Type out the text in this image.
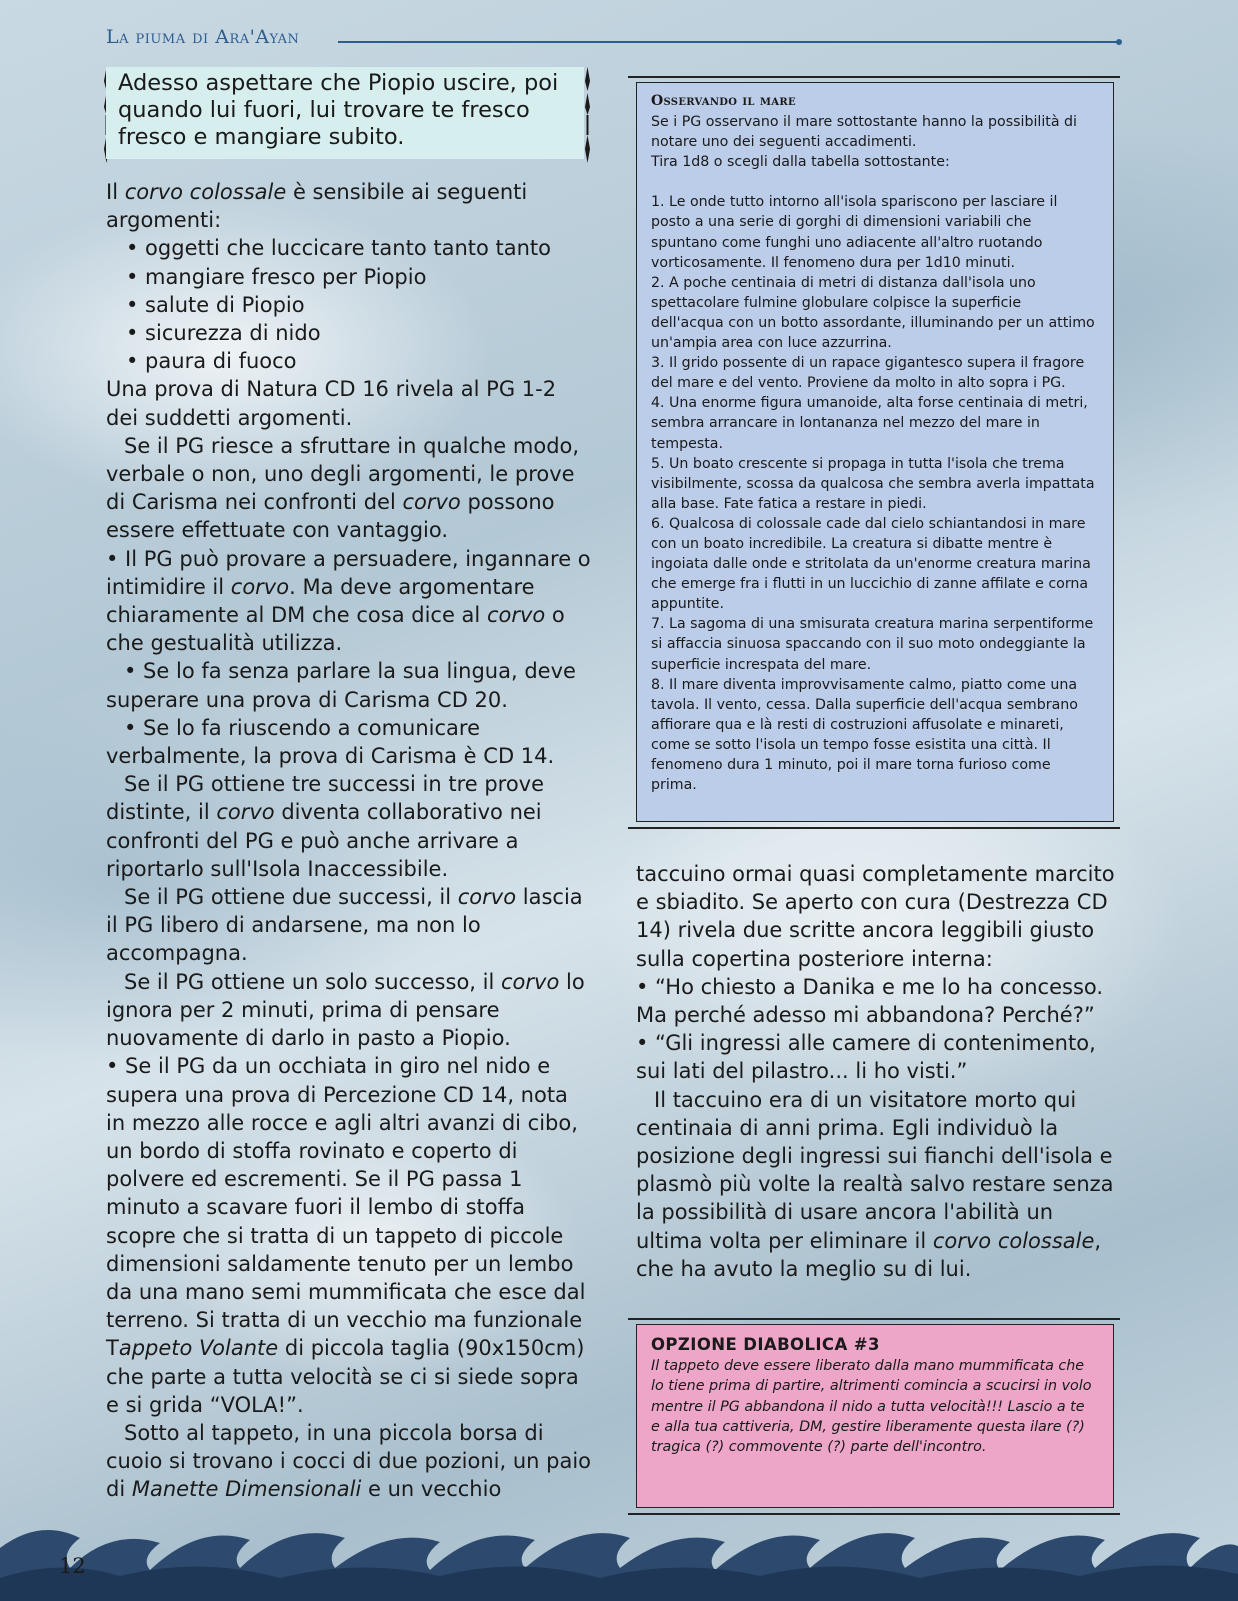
La piuma di Ara'Ayan
Adesso aspettare che Piopio uscire, poi quando lui fuori, lui trovare te fresco fresco e mangiare subito.

Il corvo colossale è sensibile ai seguenti argomenti:

• oggetti che luccicare tanto tanto tanto
• mangiare fresco per Piopio
• salute di Piopio
• sicurezza di nido
• paura di fuoco

Una prova di Natura CD 16 rivela al PG 1-2 dei suddetti argomenti.

Se il PG riesce a sfruttare in qualche modo, verbale o non, uno degli argomenti, le prove di Carisma nei confronti del corvo possono essere effettuate con vantaggio.

• Il PG può provare a persuadere, ingannare o intimidire il corvo. Ma deve argomentare chiaramente al DM che cosa dice al corvo o che gestualità utilizza.

• Se lo fa senza parlare la sua lingua, deve superare una prova di Carisma CD 20.

• Se lo fa riuscendo a comunicare verbalmente, la prova di Carisma è CD 14.

Se il PG ottiene tre successi in tre prove distinte, il corvo diventa collaborativo nei confronti del PG e può anche arrivare a riportarlo sull'Isola Inaccessibile.

Se il PG ottiene due successi, il corvo lascia il PG libero di andarsene, ma non lo accompagna.

Se il PG ottiene un solo successo, il corvo lo ignora per 2 minuti, prima di pensare nuovamente di darlo in pasto a Piopio.

• Se il PG da un occhiata in giro nel nido e supera una prova di Percezione CD 14, nota in mezzo alle rocce e agli altri avanzi di cibo, un bordo di stoffa rovinato e coperto di polvere ed escrementi. Se il PG passa 1 minuto a scavare fuori il lembo di stoffa scopre che si tratta di un tappeto di piccole dimensioni saldamente tenuto per un lembo da una mano semi mummificata che esce dal terreno. Si tratta di un vecchio ma funzionale Tappeto Volante di piccola taglia (90x150cm) che parte a tutta velocità se ci si siede sopra e si grida “VOLA!”.

Sotto al tappeto, in una piccola borsa di cuoio si trovano i cocci di due pozioni, un paio di Manette Dimensionali e un vecchio

Osservando il mare
Se i PG osservano il mare sottostante hanno la possibilità di notare uno dei seguenti accadimenti.
Tira 1d8 o scegli dalla tabella sottostante:
1. Le onde tutto intorno all'isola spariscono per lasciare il posto a una serie di gorghi di dimensioni variabili che spuntano come funghi uno adiacente all'altro ruotando vorticosamente. Il fenomeno dura per 1d10 minuti.
2. A poche centinaia di metri di distanza dall'isola uno spettacolare fulmine globulare colpisce la superficie dell'acqua con un botto assordante, illuminando per un attimo un'ampia area con luce azzurrina.
3. Il grido possente di un rapace gigantesco supera il fragore del mare e del vento. Proviene da molto in alto sopra i PG.
4. Una enorme figura umanoide, alta forse centinaia di metri, sembra arrancare in lontananza nel mezzo del mare in tempesta.
5. Un boato crescente si propaga in tutta l'isola che trema visibilmente, scossa da qualcosa che sembra averla impattata alla base. Fate fatica a restare in piedi.
6. Qualcosa di colossale cade dal cielo schiantandosi in mare con un boato incredibile. La creatura si dibatte mentre è ingoiata dalle onde e stritolata da un'enorme creatura marina che emerge fra i flutti in un luccichio di zanne affilate e corna appuntite.
7. La sagoma di una smisurata creatura marina serpentiforme si affaccia sinuosa spaccando con il suo moto ondeggiante la superficie increspata del mare.
8. Il mare diventa improvvisamente calmo, piatto come una tavola. Il vento, cessa. Dalla superficie dell'acqua sembrano affiorare qua e là resti di costruzioni affusolate e minareti, come se sotto l'isola un tempo fosse esistita una città. Il fenomeno dura 1 minuto, poi il mare torna furioso come prima.

taccuino ormai quasi completamente marcito e sbiadito. Se aperto con cura (Destrezza CD 14) rivela due scritte ancora leggibili giusto sulla copertina posteriore interna:

• “Ho chiesto a Danika e me lo ha concesso. Ma perché adesso mi abbandona? Perché?”

• “Gli ingressi alle camere di contenimento, sui lati del pilastro... li ho visti.”

Il taccuino era di un visitatore morto qui centinaia di anni prima. Egli individuò la posizione degli ingressi sui fianchi dell'isola e plasmò più volte la realtà salvo restare senza la possibilità di usare ancora l'abilità un ultima volta per eliminare il corvo colossale, che ha avuto la meglio su di lui.

OPZIONE DIABOLICA #3
Il tappeto deve essere liberato dalla mano mummificata che lo tiene prima di partire, altrimenti comincia a scucirsi in volo mentre il PG abbandona il nido a tutta velocità!!! Lascio a te e alla tua cattiveria, DM, gestire liberamente questa ilare (?) tragica (?) commovente (?) parte dell'incontro.
12
